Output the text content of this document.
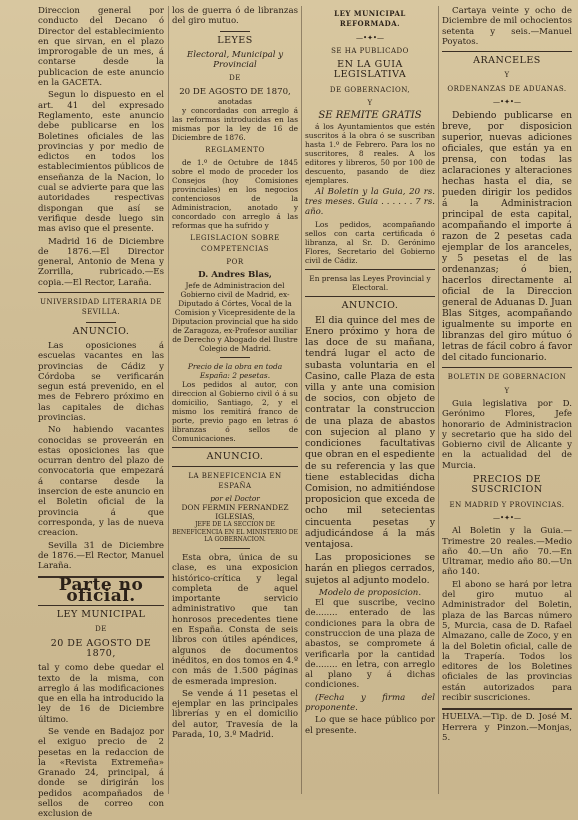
Direccion general por conducto del Decano ó Director del establecimiento en que sirvan, en el plazo improrogable de un mes, á contarse desde la publicacion de este anuncio en la GACETA.

Segun lo dispuesto en el art. 41 del expresado Reglamento, este anuncio debe publicarse en los Boletines oficiales de las provincias y por medio de edictos en todos los establecimientos públicos de enseñanza de la Nacion, lo cual se advierte para que las autoridades respectivas dispongan que así se verifique desde luego sin mas aviso que el presente.

Madrid 16 de Diciembre de 1876.—El Director general, Antonio de Mena y Zorrilla, rubricado.—Es copia.—El Rector, Laraña.

UNIVERSIDAD LITERARIA DE SEVILLA.
ANUNCIO.

Las oposiciones á escuelas vacantes en las provincias de Cádiz y Córdoba se verificarán segun está prevenido, en el mes de Febrero próximo en las capitales de dichas provincias.

No habiendo vacantes conocidas se proveerán en estas oposiciones las que ocurran dentro del plazo de convocatoria que empezará á contarse desde la insercion de este anuncio en el Boletin oficial de la provincia á que corresponda, y las de nueva creacion.

Sevilla 31 de Diciembre de 1876.—El Rector, Manuel Laraña.

Parte no oficial.
LEY MUNICIPAL
DE
20 DE AGOSTO DE 1870,

tal y como debe quedar el texto de la misma, con arreglo á las modificaciones que en ella ha introducido la ley de 16 de Diciembre último.

Se vende en Badajoz por el exiguo precio de 2 pesetas en la redaccion de la «Revista Extremeña» Granado 24, principal, á donde se dirigirán los pedidos acompañados de sellos de correo con exclusion de

los de guerra ó de libranzas del giro mutuo.

LEYES
Electoral, Municipal y Provincial
DE
20 DE AGOSTO DE 1870,
anotadas

y concordadas con arreglo á las reformas introducidas en las mismas por la ley de 16 de Diciembre de 1876.

REGLAMENTO

de 1.º de Octubre de 1845 sobre el modo de proceder los Consejos (hoy Comisiones provinciales) en los negocios contenciosos de la Administracion, anotado y concordado con arreglo á las reformas que ha sufrido y

LEGISLACION SOBRE COMPETENCIAS
POR
D. Andres Blas,

Jefe de Administracion del Gobierno civil de Madrid, ex-Diputado á Córtes, Vocal de la Comision y Vicepresidente de la Diputacion provincial que ha sido de Zaragoza, ex-Profesor auxiliar de Derecho y Abogado del Ilustre Colegio de Madrid.

Precio de la obra en toda España: 2 pesetas.

Los pedidos al autor, con direccion al Gobierno civil ó á su domicilio, Santiago, 2, y el mismo los remitirá franco de porte, previo pago en letras ó libranzas ó sellos de Comunicaciones.

ANUNCIO.
LA BENEFICENCIA EN ESPAÑA
por el Doctor
DON FERMIN FERNANDEZ IGLESIAS,
JEFE DE LA SECCION DE BENEFICENCIA EN EL MINISTERIO DE LA GOBERNACION.

Esta obra, única de su clase, es una exposicion histórico-crítica y legal completa de aquel importante servicio administrativo que tan honrosos precedentes tiene en España. Consta de seis libros con útiles apéndices, algunos de documentos inéditos, en dos tomos en 4.º con más de 1.500 páginas de esmerada impresion.

Se vende á 11 pesetas el ejemplar en las principales librerías y en el domicilio del autor, Travesía de la Parada, 10, 3.º Madrid.

LEY MUNICIPAL REFORMADA.
—•✦•—
SE HA PUBLICADO
EN LA GUIA LEGISLATIVA
DE GOBERNACION,
Y
SE REMITE GRATIS

á los Ayuntamientos que estén suscritos á la obra ó se suscriban hasta 1.º de Febrero. Para los no suscritores, 8 reales. A los editores y libreros, 50 por 100 de descuento, pasando de diez ejemplares.

Al Boletin y la Guia, 20 rs. tres meses. Guia . . . . . . 7 rs. año.

Los pedidos, acompañando sellos con carta certificada ó libranza, al Sr. D. Gerónimo Flores, Secretario del Gobierno civil de Cádiz.

En prensa las Leyes Provincial y Electoral.

ANUNCIO.

El dia quince del mes de Enero próximo y hora de las doce de su mañana, tendrá lugar el acto de subasta voluntaria en el Casino, calle Plaza de esta villa y ante una comision de socios, con objeto de contratar la construccion de una plaza de abastos con sujecion al plano y condiciones facultativas que obran en el espediente de su referencia y las que tiene establecidas dicha Comision, no admitiéndose proposicion que exceda de ocho mil setecientas cincuenta pesetas y adjudicándose á la más ventajosa.

Las proposiciones se harán en pliegos cerrados, sujetos al adjunto modelo.

Modelo de proposicion.

El que suscribe, vecino de........ enterado de las condiciones para la obra de construccion de una plaza de abastos, se compromete á verificarla por la cantidad de........ en letra, con arreglo al plano y á dichas condiciones.

(Fecha y firma del proponente.

Lo que se hace público por el presente.

Cartaya veinte y ocho de Diciembre de mil ochocientos setenta y seis.—Manuel Poyatos.

ARANCELES
Y
ORDENANZAS DE ADUANAS.
—•✦•—

Debiendo publicarse en breve, por disposicion superior, nuevas adiciones oficiales, que están ya en prensa, con todas las aclaraciones y alteraciones hechas hasta el dia, se pueden dirigir los pedidos á la Administracion principal de esta capital, acompañando el importe á razon de 2 pesetas cada ejemplar de los aranceles, y 5 pesetas el de las ordenanzas; ó bien, hacerlos directamente al oficial de la Direccion general de Aduanas D. Juan Blas Sitges, acompañando igualmente su importe en libranzas del giro mútuo ó letras de fácil cobro á favor del citado funcionario.

BOLETIN DE GOBERNACION
Y

Guia legislativa por D. Gerónimo Flores, Jefe honorario de Administracion y secretario que ha sido del Gobierno civil de Alicante y en la actualidad del de Murcia.

PRECIOS DE SUSCRICION
EN MADRID Y PROVINCIAS.
—•✦•—

Al Boletin y la Guia.—Trimestre 20 reales.—Medio año 40.—Un año 70.—En Ultramar, medio año 80.—Un año 140.

El abono se hará por letra del giro mutuo al Administrador del Boletin, plaza de las Barcas número 5, Murcia, casa de D. Rafael Almazano, calle de Zoco, y en la del Boletin oficial, calle de la Trapería. Todos los editores de los Boletines oficiales de las provincias están autorizados para recibir suscriciones.

HUELVA.—Tip. de D. José M. Herrera y Pinzon.—Monjas, 5.
